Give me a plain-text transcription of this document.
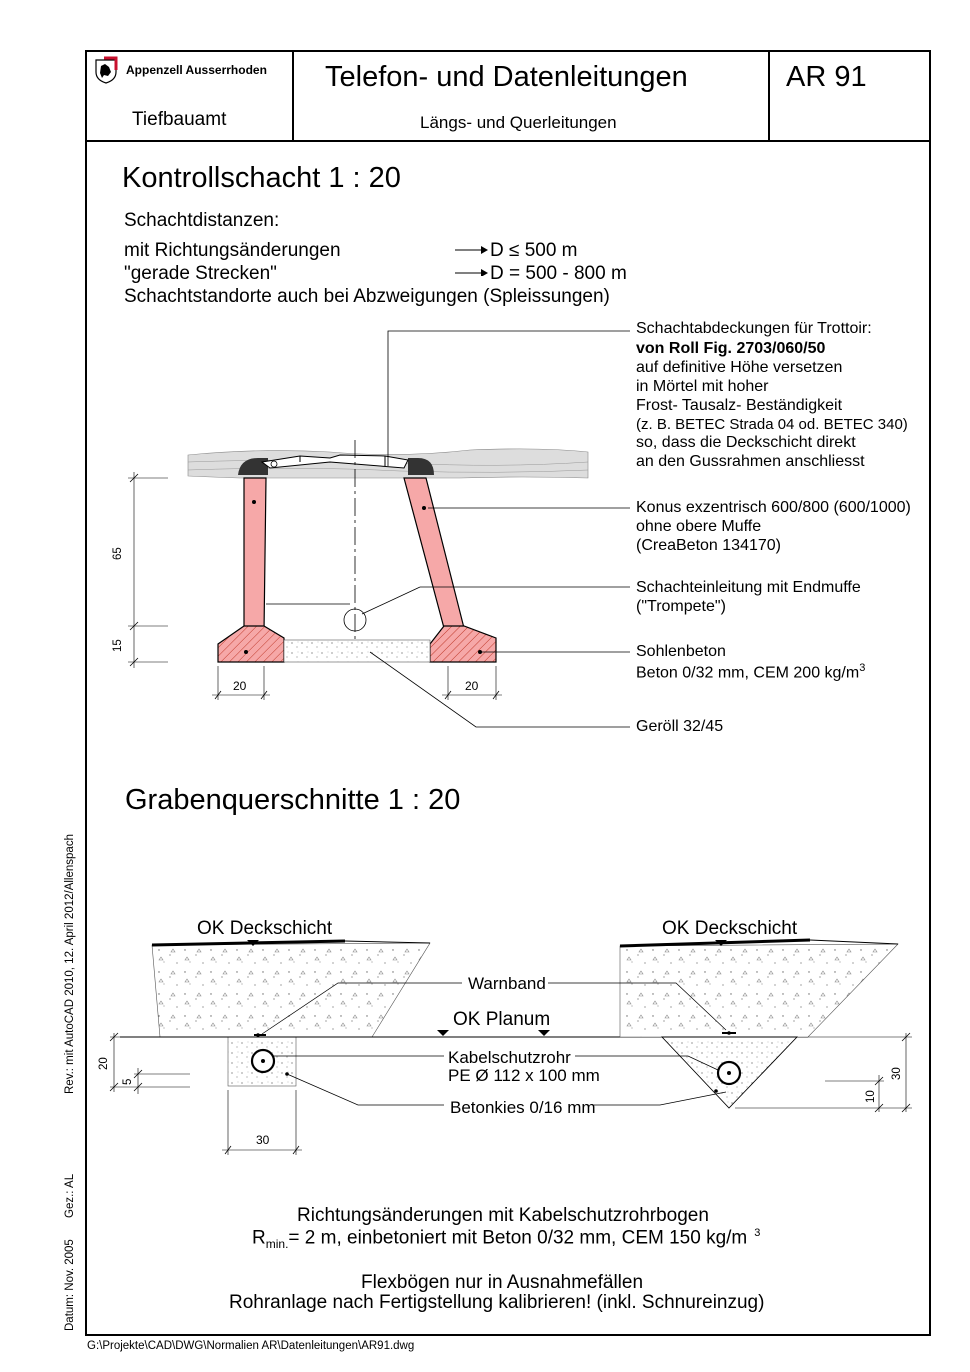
Appenzell Ausserrhoden
Tiefbauamt
Telefon- und Datenleitungen
Längs- und Querleitungen
AR 91
Kontrollschacht 1 : 20
Schachtdistanzen:
mit Richtungsänderungen	D ≤ 500 m
"gerade Strecken"	D = 500 - 800 m
Schachtstandorte auch bei Abzweigungen (Spleissungen)
Schachtabdeckungen für Trottoir:
von Roll Fig. 2703/060/50
auf definitive Höhe versetzen
in Mörtel mit hoher
Frost- Tausalz- Beständigkeit
(z. B. BETEC Strada 04 od. BETEC 340)
so, dass die Deckschicht direkt
an den Gussrahmen anschliesst
Konus exzentrisch 600/800 (600/1000)
ohne obere Muffe
(CreaBeton 134170)
Schachteinleitung mit Endmuffe
("Trompete")
Sohlenbeton
Beton 0/32 mm, CEM 200 $kg/m^3$
Geröll 32/45
65
15
20	20
Grabenquerschnitte 1 : 20
OK Deckschicht	OK Deckschicht
Warnband
OK Planum
Kabelschutzrohr
PE Ø 112 x 100 mm
Betonkies 0/16 mm
20
5
30
10
30
Richtungsänderungen mit Kabelschutzrohrbogen
$R_{min.}= 2$ m, einbetoniert mit Beton 0/32 mm, CEM 150 kg/m $^3$
Flexbögen nur in Ausnahmefällen
Rohranlage nach Fertigstellung kalibrieren! (inkl. Schnureinzug)
Rev.: mit AutoCAD 2010, 12. April 2012/Allenspach
Gez.: AL
Datum: Nov. 2005
G:\Projekte\CAD\DWG\Normalien AR\Datenleitungen\AR91.dwg
